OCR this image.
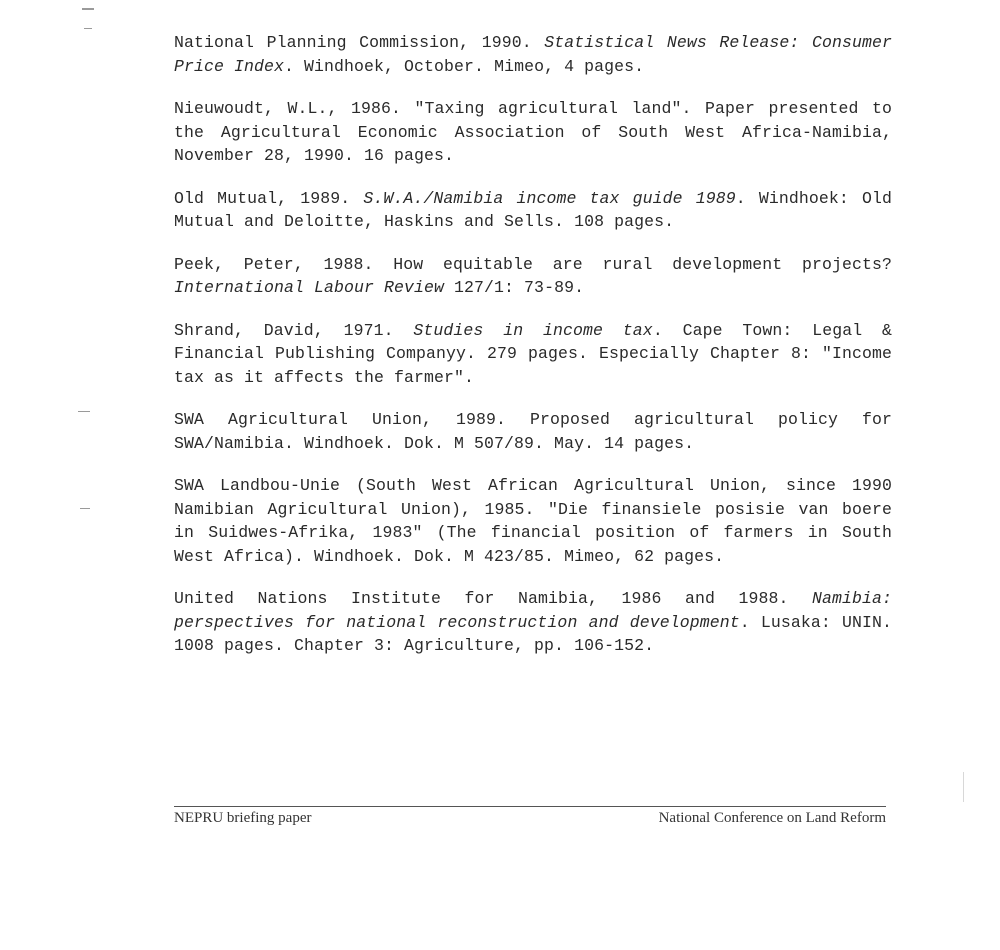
National Planning Commission, 1990. Statistical News Release: Consumer Price Index. Windhoek, October. Mimeo, 4 pages.

Nieuwoudt, W.L., 1986. "Taxing agricultural land". Paper presented to the Agricultural Economic Association of South West Africa-Namibia, November 28, 1990. 16 pages.

Old Mutual, 1989. S.W.A./Namibia income tax guide 1989. Windhoek: Old Mutual and Deloitte, Haskins and Sells. 108 pages.

Peek, Peter, 1988. How equitable are rural development projects? International Labour Review 127/1: 73-89.

Shrand, David, 1971. Studies in income tax. Cape Town: Legal & Financial Publishing Companyy. 279 pages. Especially Chapter 8: "Income tax as it affects the farmer".

SWA Agricultural Union, 1989. Proposed agricultural policy for SWA/Namibia. Windhoek. Dok. M 507/89. May. 14 pages.

SWA Landbou-Unie (South West African Agricultural Union, since 1990 Namibian Agricultural Union), 1985. "Die finansiele posisie van boere in Suidwes-Afrika, 1983" (The financial position of farmers in South West Africa). Windhoek. Dok. M 423/85. Mimeo, 62 pages.

United Nations Institute for Namibia, 1986 and 1988. Namibia: perspectives for national reconstruction and development. Lusaka: UNIN. 1008 pages. Chapter 3: Agriculture, pp. 106-152.

NEPRU briefing paper	National Conference on Land Reform
